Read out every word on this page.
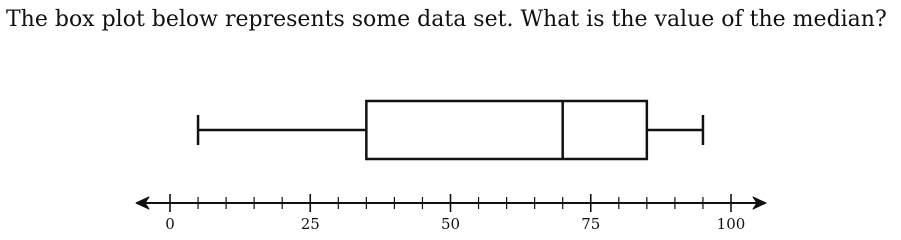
The box plot below represents some data set. What is the value of the median?
0	25	50	75	100
